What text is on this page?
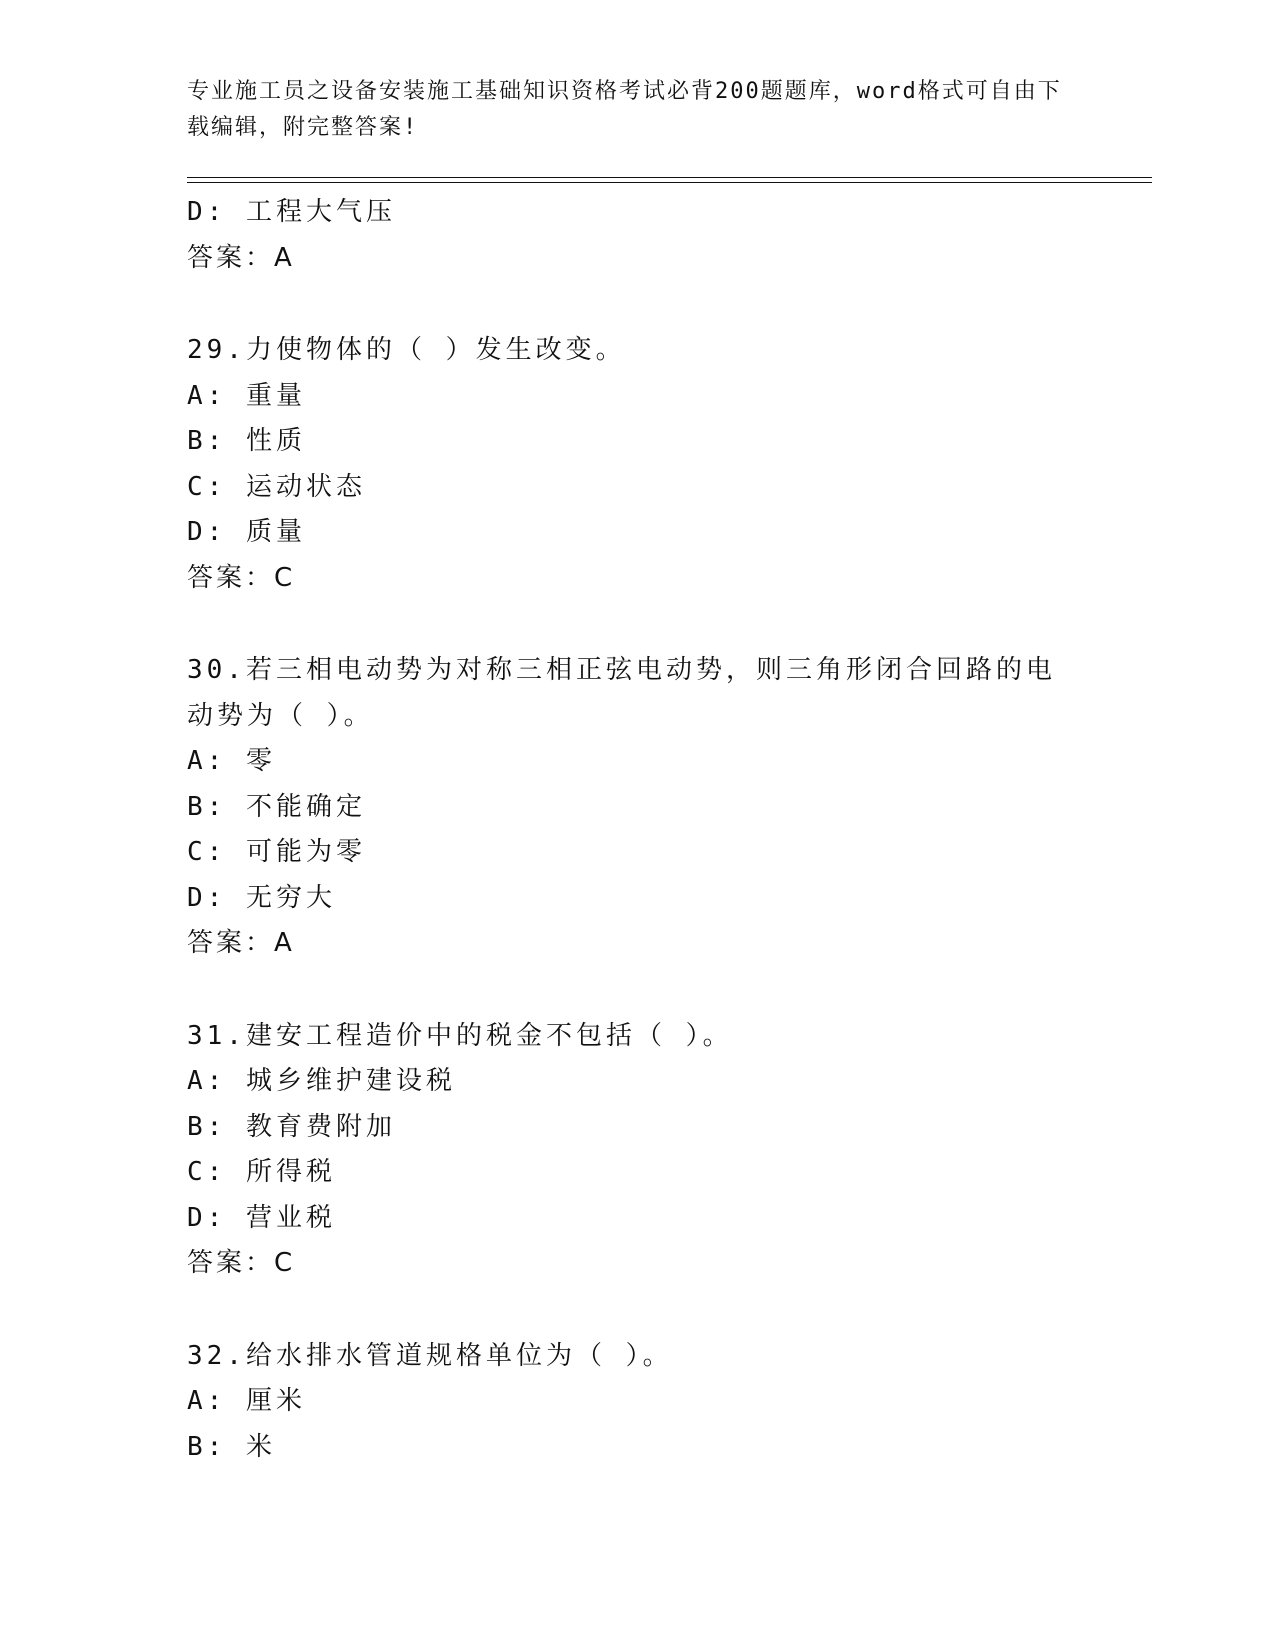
专业施工员之设备安装施工基础知识资格考试必背200题题库，word格式可自由下载编辑，附完整答案!
D: 工程大气压
答案：A
29.力使物体的（ ）发生改变。
A: 重量
B: 性质
C: 运动状态
D: 质量
答案：C
30.若三相电动势为对称三相正弦电动势，则三角形闭合回路的电动势为（ ）。
A: 零
B: 不能确定
C: 可能为零
D: 无穷大
答案：A
31.建安工程造价中的税金不包括（ ）。
A: 城乡维护建设税
B: 教育费附加
C: 所得税
D: 营业税
答案：C
32.给水排水管道规格单位为（ ）。
A: 厘米
B: 米
